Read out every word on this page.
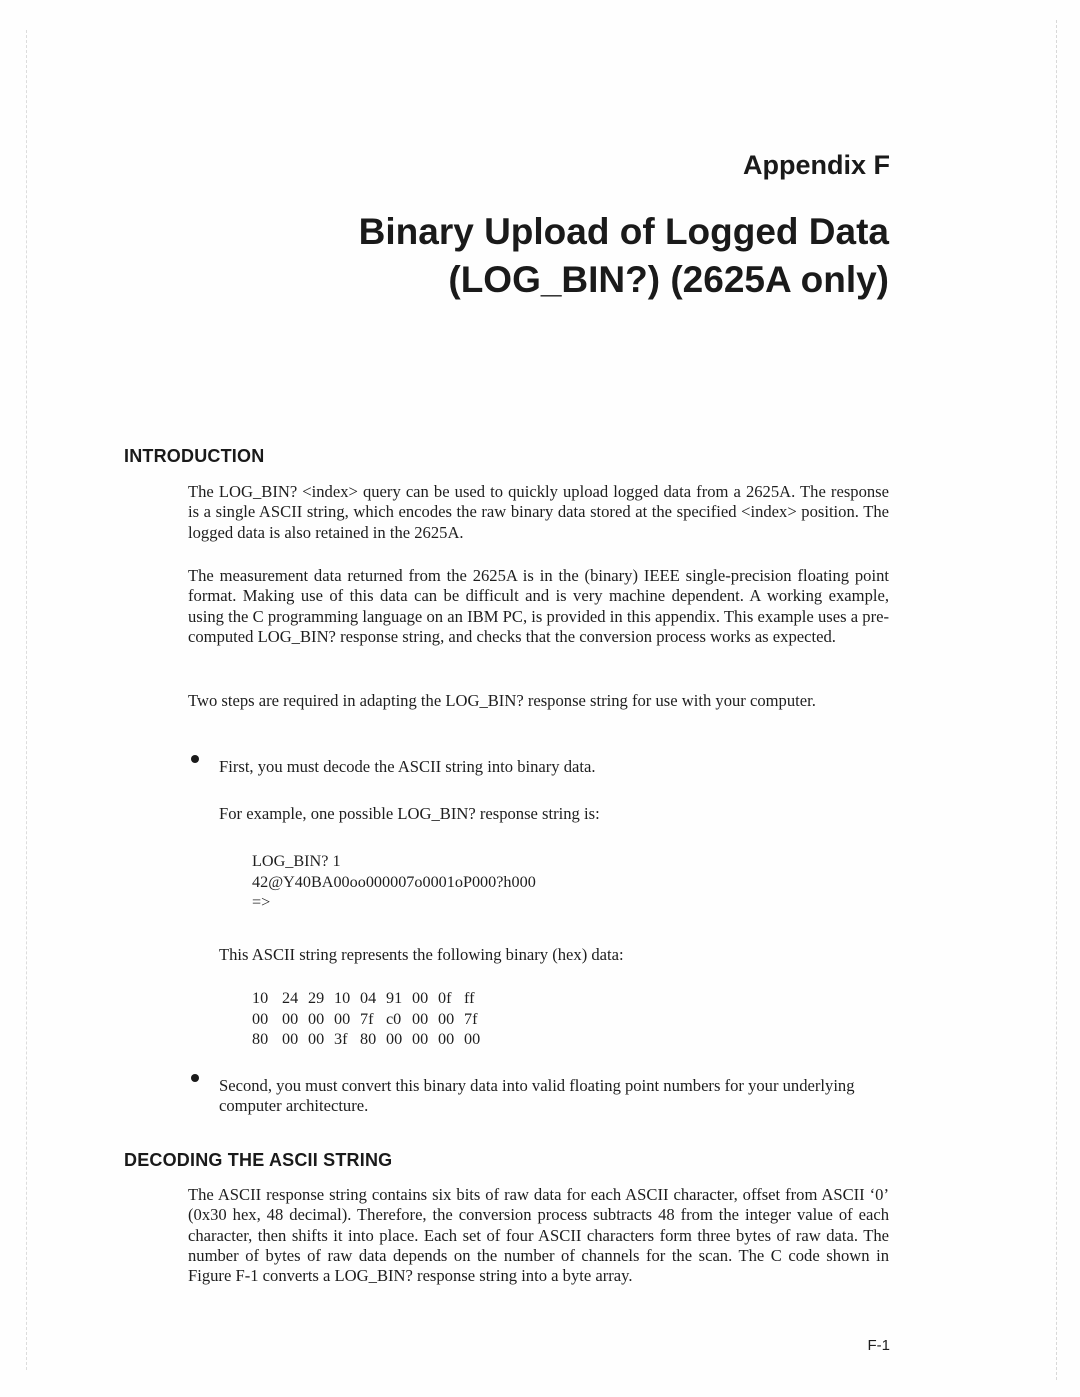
Appendix F
Binary Upload of Logged Data
(LOG_BIN?) (2625A only)
INTRODUCTION

The LOG_BIN? <index> query can be used to quickly upload logged data from a 2625A. The response is a single ASCII string, which encodes the raw binary data stored at the specified <index> position. The logged data is also retained in the 2625A.

The measurement data returned from the 2625A is in the (binary) IEEE single-precision floating point format. Making use of this data can be difficult and is very machine dependent. A working example, using the C programming language on an IBM PC, is provided in this appendix. This example uses a pre-computed LOG_BIN? response string, and checks that the conversion process works as expected.

Two steps are required in adapting the LOG_BIN? response string for use with your computer.

First, you must decode the ASCII string into binary data.

For example, one possible LOG_BIN? response string is:

LOG_BIN? 1
42@Y40BA00oo000007o0001oP000?h000
=>

This ASCII string represents the following binary (hex) data:

10	24	29	10	04	91	00	0f	ff
00	00	00	00	7f	c0	00	00	7f
80	00	00	3f	80	00	00	00	00

Second, you must convert this binary data into valid floating point numbers for your underlying computer architecture.

DECODING THE ASCII STRING

The ASCII response string contains six bits of raw data for each ASCII character, offset from ASCII ‘0’ (0x30 hex, 48 decimal). Therefore, the conversion process subtracts 48 from the integer value of each character, then shifts it into place. Each set of four ASCII characters form three bytes of raw data. The number of bytes of raw data depends on the number of channels for the scan. The C code shown in Figure F-1 converts a LOG_BIN? response string into a byte array.

F-1
